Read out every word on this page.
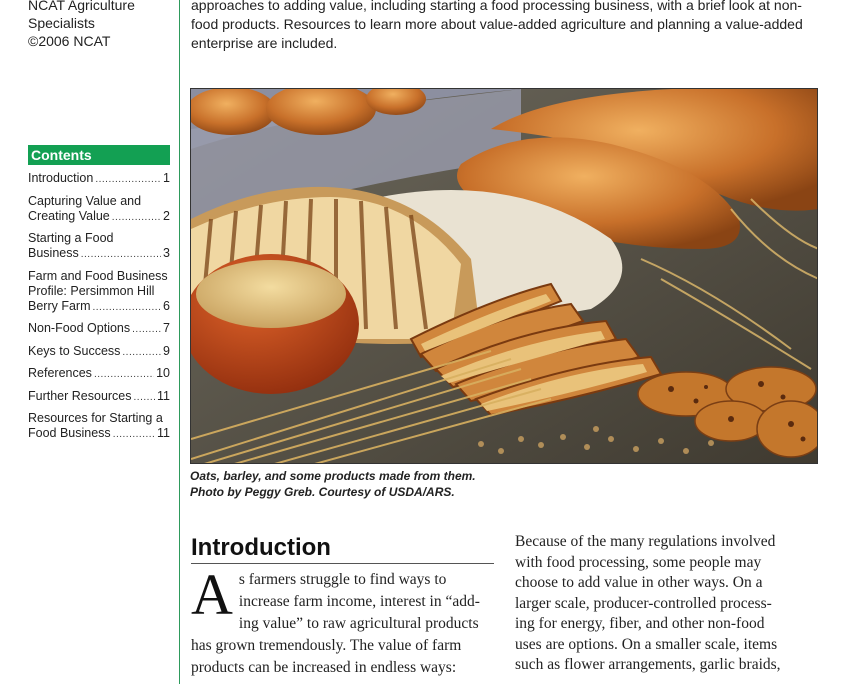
NCAT Agriculture
Specialists
©2006 NCAT
Contents
Introduction .....	1
Capturing Value and
Creating Value .....	2
Starting a Food
Business .....	3
Farm and Food Business
Profile: Persimmon Hill
Berry Farm .....	6
Non-Food Options .....	7
Keys to Success .....	9
References .....	10
Further Resources ..... 11
Resources for Starting a
Food Business .....	11
approaches to adding value, including starting a food processing business, with a brief look at non-
food products. Resources to learn more about value-added agriculture and planning a value-added
enterprise are included.
Oats, barley, and some products made from them.
Photo by Peggy Greb. Courtesy of USDA/ARS.
Introduction
A s farmers struggle to find ways to
increase farm income, interest in “add-
ing value” to raw agricultural products
has grown tremendously. The value of farm
products can be increased in endless ways:
Because of the many regulations involved
with food processing, some people may
choose to add value in other ways. On a
larger scale, producer-controlled process-
ing for energy, fiber, and other non-food
uses are options. On a smaller scale, items
such as flower arrangements, garlic braids,
